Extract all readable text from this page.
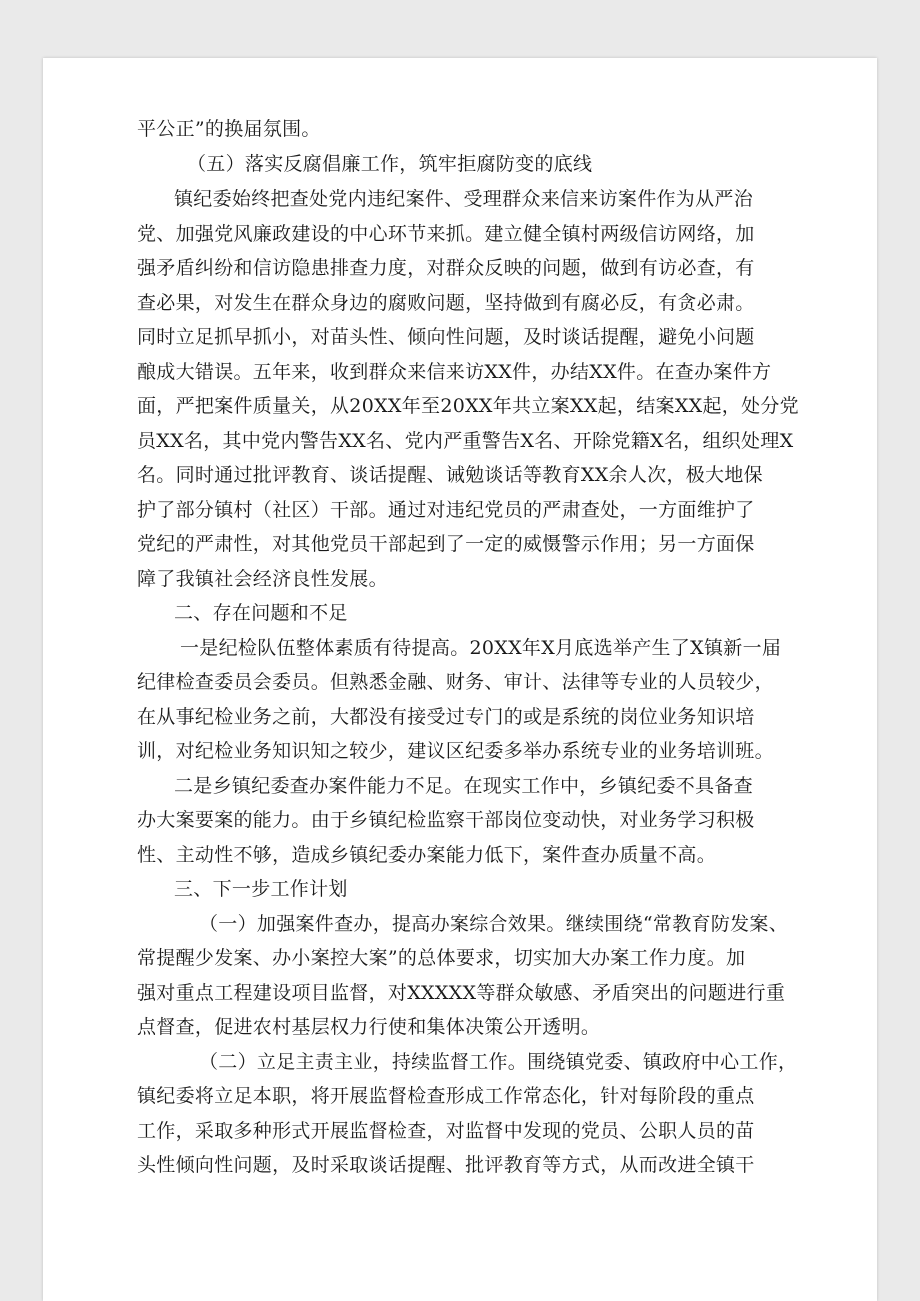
平公正”的换届氛围。
（五）落实反腐倡廉工作，筑牢拒腐防变的底线
镇纪委始终把查处党内违纪案件、受理群众来信来访案件作为从严治
党、加强党风廉政建设的中心环节来抓。建立健全镇村两级信访网络，加
强矛盾纠纷和信访隐患排查力度，对群众反映的问题，做到有访必查，有
查必果，对发生在群众身边的腐败问题，坚持做到有腐必反，有贪必肃。
同时立足抓早抓小，对苗头性、倾向性问题，及时谈话提醒，避免小问题
酿成大错误。五年来，收到群众来信来访XX件，办结XX件。在查办案件方
面，严把案件质量关，从20XX年至20XX年共立案XX起，结案XX起，处分党
员XX名，其中党内警告XX名、党内严重警告X名、开除党籍X名，组织处理X
名。同时通过批评教育、谈话提醒、诫勉谈话等教育XX余人次，极大地保
护了部分镇村（社区）干部。通过对违纪党员的严肃查处，一方面维护了
党纪的严肃性，对其他党员干部起到了一定的威慑警示作用；另一方面保
障了我镇社会经济良性发展。
二、存在问题和不足
一是纪检队伍整体素质有待提高。20XX年X月底选举产生了X镇新一届
纪律检查委员会委员。但熟悉金融、财务、审计、法律等专业的人员较少，
在从事纪检业务之前，大都没有接受过专门的或是系统的岗位业务知识培
训，对纪检业务知识知之较少，建议区纪委多举办系统专业的业务培训班。
二是乡镇纪委查办案件能力不足。在现实工作中，乡镇纪委不具备查
办大案要案的能力。由于乡镇纪检监察干部岗位变动快，对业务学习积极
性、主动性不够，造成乡镇纪委办案能力低下，案件查办质量不高。
三、下一步工作计划
（一）加强案件查办，提高办案综合效果。继续围绕“常教育防发案、
常提醒少发案、办小案控大案”的总体要求，切实加大办案工作力度。加
强对重点工程建设项目监督，对XXXXX等群众敏感、矛盾突出的问题进行重
点督查，促进农村基层权力行使和集体决策公开透明。
（二）立足主责主业，持续监督工作。围绕镇党委、镇政府中心工作，
镇纪委将立足本职，将开展监督检查形成工作常态化，针对每阶段的重点
工作，采取多种形式开展监督检查，对监督中发现的党员、公职人员的苗
头性倾向性问题，及时采取谈话提醒、批评教育等方式，从而改进全镇干
